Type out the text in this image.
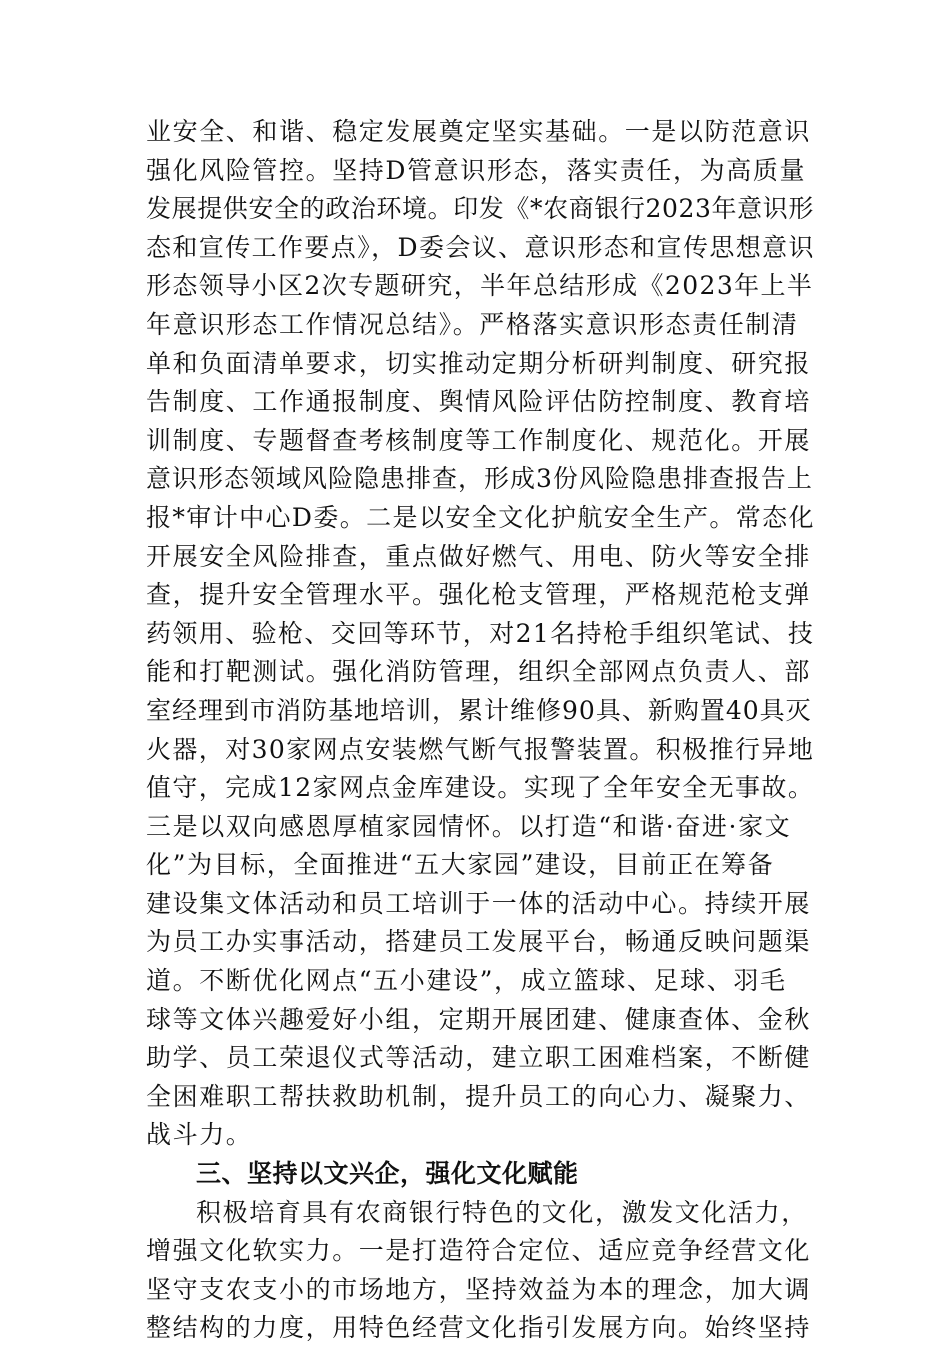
业安全、和谐、稳定发展奠定坚实基础。一是以防范意识
强化风险管控。坚持D管意识形态，落实责任，为高质量
发展提供安全的政治环境。印发《*农商银行2023年意识形
态和宣传工作要点》，D委会议、意识形态和宣传思想意识
形态领导小区2次专题研究，半年总结形成《2023年上半
年意识形态工作情况总结》。严格落实意识形态责任制清
单和负面清单要求，切实推动定期分析研判制度、研究报
告制度、工作通报制度、舆情风险评估防控制度、教育培
训制度、专题督查考核制度等工作制度化、规范化。开展
意识形态领域风险隐患排查，形成3份风险隐患排查报告上
报*审计中心D委。二是以安全文化护航安全生产。常态化
开展安全风险排查，重点做好燃气、用电、防火等安全排
查，提升安全管理水平。强化枪支管理，严格规范枪支弹
药领用、验枪、交回等环节，对21名持枪手组织笔试、技
能和打靶测试。强化消防管理，组织全部网点负责人、部
室经理到市消防基地培训，累计维修90具、新购置40具灭
火器，对30家网点安装燃气断气报警装置。积极推行异地
值守，完成12家网点金库建设。实现了全年安全无事故。
三是以双向感恩厚植家园情怀。以打造“和谐·奋进·家文
化”为目标，全面推进“五大家园”建设，目前正在筹备
建设集文体活动和员工培训于一体的活动中心。持续开展
为员工办实事活动，搭建员工发展平台，畅通反映问题渠
道。不断优化网点“五小建设”，成立篮球、足球、羽毛
球等文体兴趣爱好小组，定期开展团建、健康查体、金秋
助学、员工荣退仪式等活动，建立职工困难档案，不断健
全困难职工帮扶救助机制，提升员工的向心力、凝聚力、
战斗力。
三、坚持以文兴企，强化文化赋能
积极培育具有农商银行特色的文化，激发文化活力，
增强文化软实力。一是打造符合定位、适应竞争经营文化
坚守支农支小的市场地方，坚持效益为本的理念，加大调
整结构的力度，用特色经营文化指引发展方向。始终坚持
